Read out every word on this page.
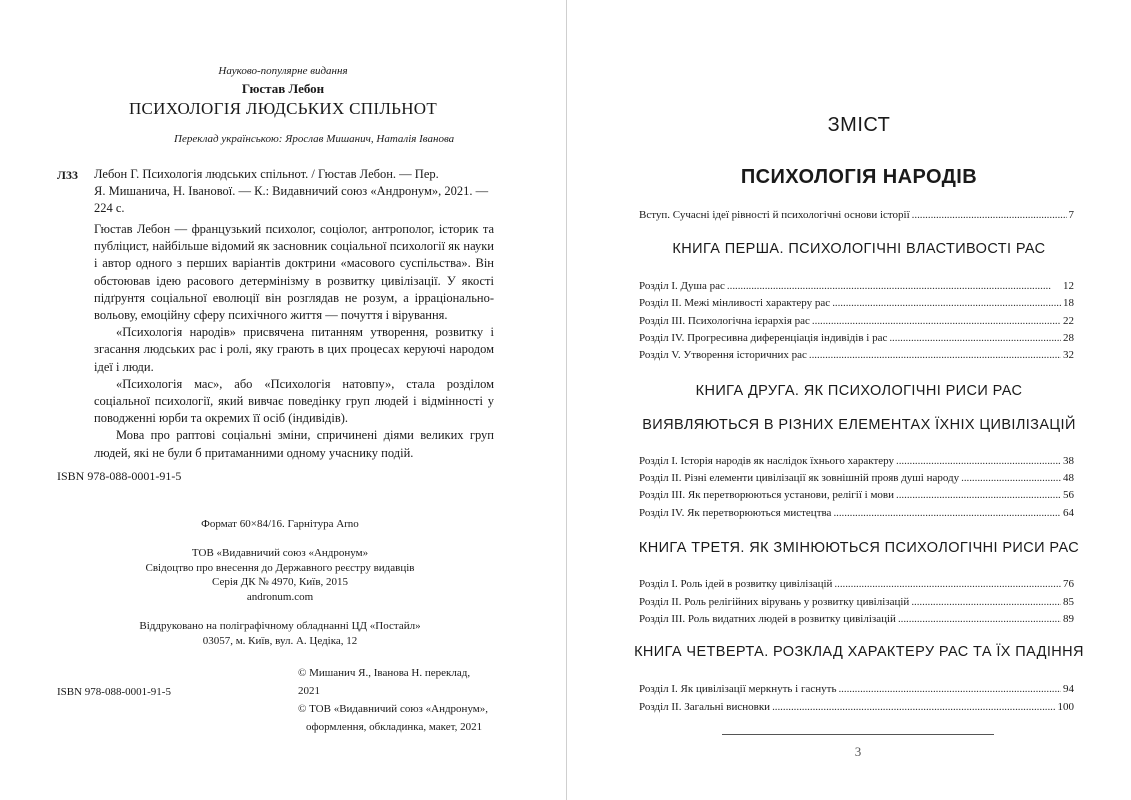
Науково-популярне видання
Гюстав Лебон
ПСИХОЛОГІЯ ЛЮДСЬКИХ СПІЛЬНОТ
Переклад українською: Ярослав Мишанич, Наталія Іванова
Л33 Лебон Г. Психологія людських спільнот. / Гюстав Лебон. — Пер.
Я. Мишанича, Н. Іванової. — К.: Видавничий союз «Андронум», 2021. —
224 с.

Гюстав Лебон — французький психолог, соціолог, антрополог, історик та публіцист, найбільше відомий як засновник соціальної психології як науки і автор одного з перших варіантів доктрини «масового суспільства». Він обстоював ідею расового детермінізму в розвитку цивілізації. У якості підґрунтя соціальної еволюції він розглядав не розум, а ірраціонально-вольову, емоційну сферу психічного життя — почуття і вірування.

«Психологія народів» присвячена питанням утворення, розвитку і згасання людських рас і ролі, яку грають в цих процесах керуючі народом ідеї і люди.

«Психологія мас», або «Психологія натовпу», стала розділом соціальної психології, який вивчає поведінку груп людей і відмінності у поводженні юрби та окремих її осіб (індивідів).

Мова про раптові соціальні зміни, спричинені діями великих груп людей, які не були б притаманними одному учаснику подій.

ISBN 978-088-0001-91-5
Формат 60×84/16. Гарнітура Arno
ТОВ «Видавничий союз «Андронум»
Свідоцтво про внесення до Державного реєстру видавців
Серія ДК № 4970, Київ, 2015
andronum.com
Віддруковано на поліграфічному обладнанні ЦД «Постайл»
03057, м. Київ, вул. А. Цедіка, 12
ISBN 978-088-0001-91-5
© Мишанич Я., Іванова Н. переклад,
2021
© ТОВ «Видавничий союз «Андронум»,
оформлення, обкладинка, макет, 2021
ЗМІСТ
ПСИХОЛОГІЯ НАРОДІВ
Вступ. Сучасні ідеї рівності й психологічні основи історії . . .	7
КНИГА ПЕРША. ПСИХОЛОГІЧНІ ВЛАСТИВОСТІ РАС
Розділ І. Душа рас . . .	12
Розділ ІІ. Межі мінливості характеру рас . . .	18
Розділ ІІІ. Психологічна ієрархія рас . . .	22
Розділ IV. Прогресивна диференціація індивідів і рас . . .	28
Розділ V. Утворення історичних рас . . .	32
КНИГА ДРУГА. ЯК ПСИХОЛОГІЧНІ РИСИ РАС
ВИЯВЛЯЮТЬСЯ В РІЗНИХ ЕЛЕМЕНТАХ ЇХНІХ ЦИВІЛІЗАЦІЙ
Розділ І. Історія народів як наслідок їхнього характеру . . .	38
Розділ ІІ. Різні елементи цивілізації як зовнішній прояв душі народу . . .	48
Розділ ІІІ. Як перетворюються установи, релігії і мови . . .	56
Розділ IV. Як перетворюються мистецтва . . .	64
КНИГА ТРЕТЯ. ЯК ЗМІНЮЮТЬСЯ ПСИХОЛОГІЧНІ РИСИ РАС
Розділ І. Роль ідей в розвитку цивілізацій . . .	76
Розділ ІІ. Роль релігійних вірувань у розвитку цивілізацій . . .	85
Розділ ІІІ. Роль видатних людей в розвитку цивілізацій . . .	89
КНИГА ЧЕТВЕРТА. РОЗКЛАД ХАРАКТЕРУ РАС ТА ЇХ ПАДІННЯ
Розділ І. Як цивілізації меркнуть і гаснуть . . .	94
Розділ ІІ. Загальні висновки . . .	100
3
